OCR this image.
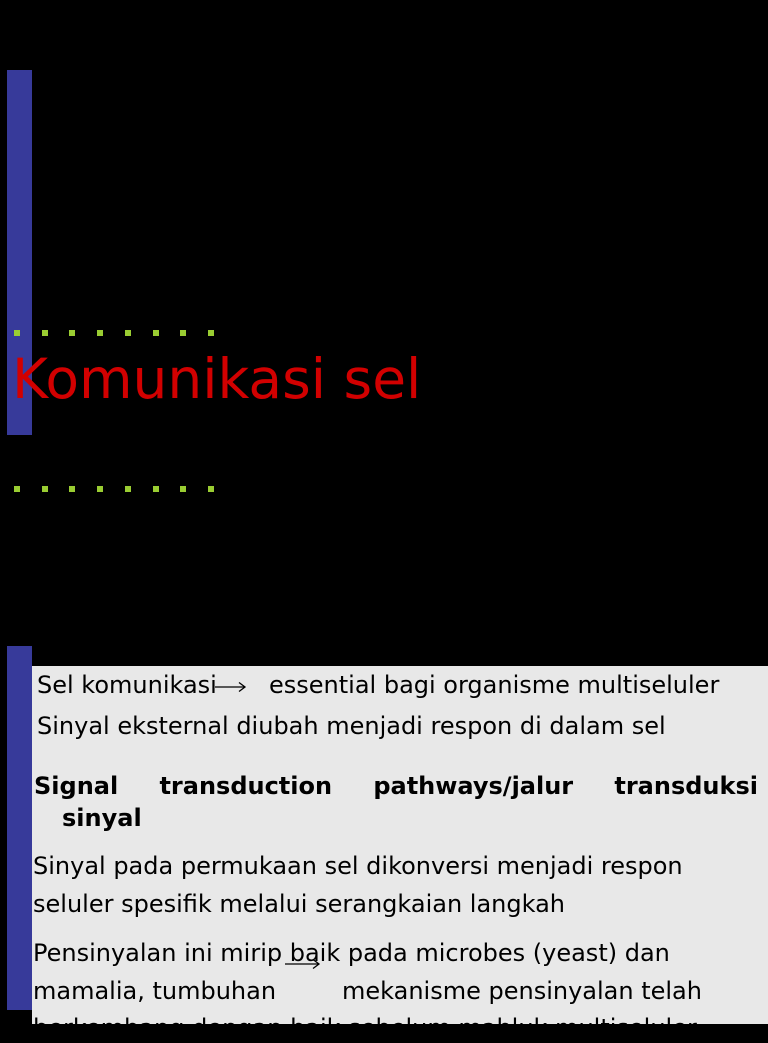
Komunikasi sel
Sel komunikasi essential bagi organisme multiseluler
Sinyal eksternal diubah menjadi respon di dalam sel
Signal transduction pathways/jalur transduksi
sinyal
Sinyal pada permukaan sel dikonversi menjadi respon
seluler spesifik melalui serangkaian langkah
Pensinyalan ini mirip baik pada microbes (yeast) dan
mamalia, tumbuhan	mekanisme pensinyalan telah
berkembang dengan baik sebelum mahluk multiseluler
